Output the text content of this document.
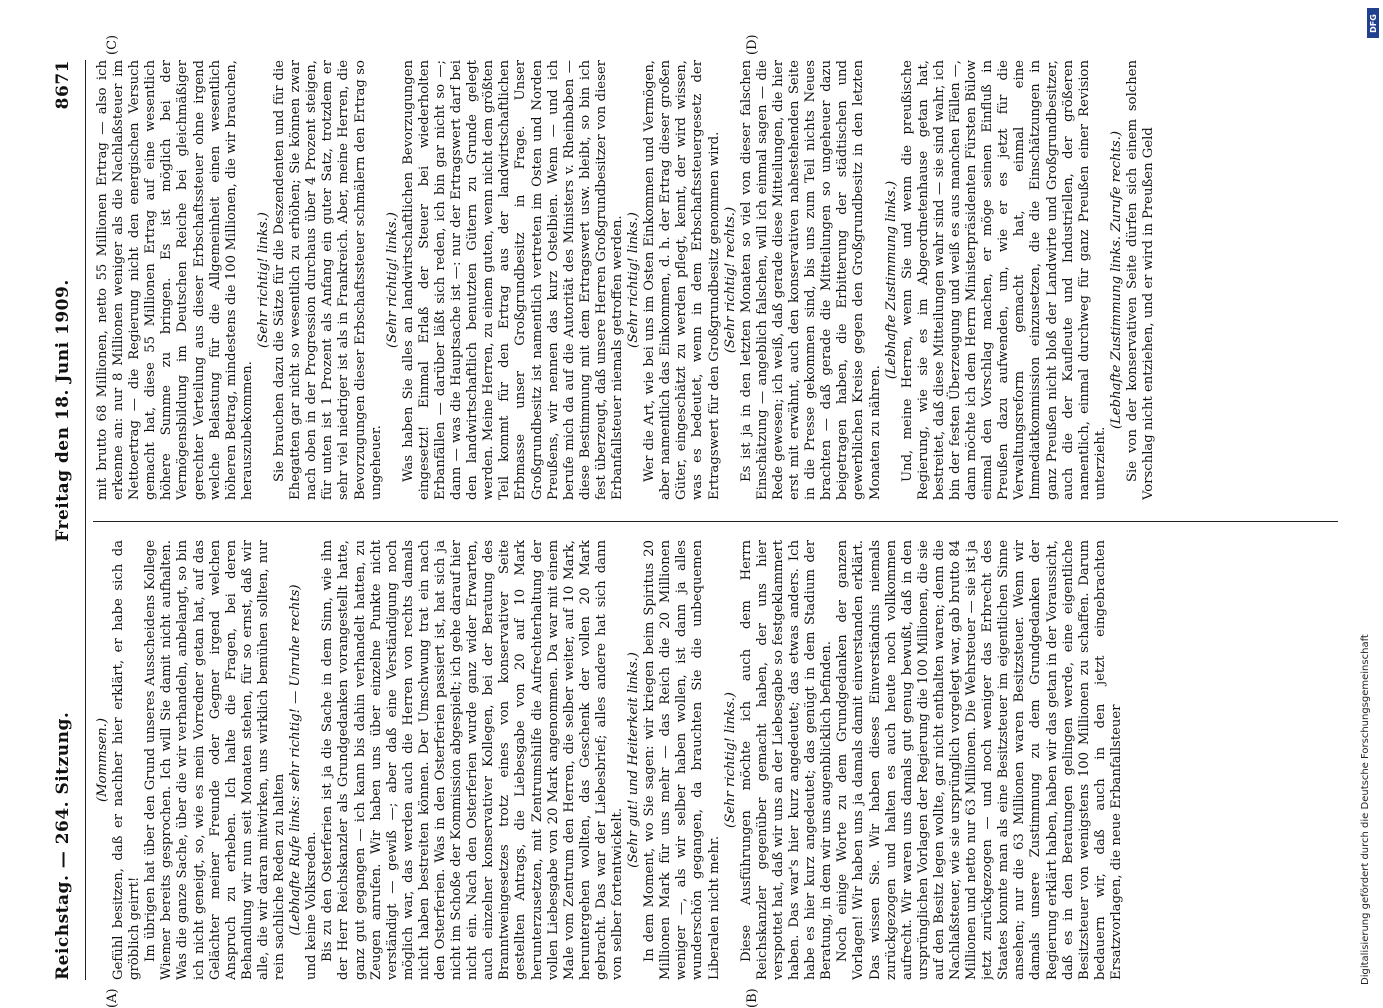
Reichstag. — 264. Sitzung.
Freitag den 18. Juni 1909.
8671
(A)	(B)
(C)	(D)

(Mommsen.) Gefühl besitzen, daß er nachher hier erklärt, er habe sich da gröblich geirrt! Im übrigen hat über den Grund unseres Ausscheidens Kollege Wiemer bereits gesprochen. Ich will Sie damit nicht aufhalten. Was die ganze Sache, über die wir verhandeln, anbelangt, so bin ich nicht geneigt, so, wie es mein Vorredner getan hat, auf das Gelächter meiner Freunde oder Gegner irgend welchen Anspruch zu erheben. Ich halte die Fragen, bei deren Behandlung wir nun seit Monaten stehen, für so ernst, daß wir alle, die wir daran mitwirken, uns wirklich bemühen sollten, nur rein sachliche Reden zu halten (Lebhafte Rufe links: sehr richtig! — Unruhe rechts) und keine Volksreden. Bis zu den Osterferien ist ja die Sache in dem Sinn, wie ihn der Herr Reichskanzler als Grundgedanken vorangestellt hatte, ganz gut gegangen — ich kann bis dahin verhandelt hatten, zu Zeugen anrufen. Wir haben uns über einzelne Punkte nicht verständigt — gewiß —; aber daß eine Verständigung noch möglich war, das werden auch die Herren von rechts damals nicht haben bestreiten können. Der Umschwung trat ein nach den Osterferien. Was in den Osterferien passiert ist, hat sich ja nicht im Schoße der Kommission abgespielt; ich gehe darauf hier nicht ein. Nach den Osterferien wurde ganz wider Erwarten, auch einzelner konservativer Kollegen, bei der Beratung des Branntweingesetzes trotz eines von konservativer Seite gestellten Antrags, die Liebesgabe von 20 auf 10 Mark herunterzusetzen, mit Zentrumshilfe die Aufrechterhaltung der vollen Liebesgabe von 20 Mark angenommen. Da war mit einem Male vom Zentrum den Herren, die selber weiter, auf 10 Mark, heruntergehen wollten, das Geschenk der vollen 20 Mark gebracht. Das war der Liebesbrief; alles andere hat sich dann von selber fortentwickelt.

(Sehr gut! und Heiterkeit links.) In dem Moment, wo Sie sagen: wir kriegen beim Spiritus 20 Millionen Mark für uns mehr — das Reich die 20 Millionen weniger —, als wir selber haben wollen, ist dann ja alles wunderschön gegangen, da brauchten Sie die unbequemen Liberalen nicht mehr.

(Sehr richtig! links.) Diese Ausführungen möchte ich auch dem Herrn Reichskanzler gegenüber gemacht haben, der uns hier verspottet hat, daß wir uns an der Liebesgabe so festgeklammert haben. Das war's hier kurz angedeutet; das etwas anders. Ich habe es hier kurz angedeutet; das genügt in dem Stadium der Beratung, in dem wir uns augenblicklich befinden. Noch einige Worte zu dem Grundgedanken der ganzen Vorlagen! Wir haben uns ja damals damit einverstanden erklärt. Das wissen Sie. Wir haben dieses Einverständnis niemals zurückgezogen und halten es auch heute noch vollkommen aufrecht. Wir waren uns damals gut genug bewußt, daß in den ursprünglichen Vorlagen der Regierung die 100 Millionen, die sie auf den Besitz legen wollte, gar nicht enthalten waren; denn die Nachlaßsteuer, wie sie ursprünglich vorgelegt war, gab brutto 84 Millionen und netto nur 63 Millionen. Die Wehrsteuer — sie ist ja jetzt zurückgezogen — und noch weniger das Erbrecht des Staates konnte man als eine Besitzsteuer im eigentlichen Sinne ansehen; nur die 63 Millionen waren Besitzsteuer. Wenn wir damals unsere Zustimmung zu dem Grundgedanken der Regierung erklärt haben, haben wir das getan in der Voraussicht, daß es in den Beratungen gelingen werde, eine eigentliche Besitzsteuer von wenigstens 100 Millionen zu schaffen. Darum bedauern wir, daß auch in den jetzt eingebrachten Ersatzvorlagen, die neue Erbanfallsteuer

mit brutto 68 Millionen, netto 55 Millionen Ertrag — also ich erkenne an: nur 8 Millionen weniger als die Nachlaßsteuer im Nettoertrag — die Regierung nicht den energischen Versuch gemacht hat, diese 55 Millionen Ertrag auf eine wesentlich höhere Summe zu bringen. Es ist möglich bei der Vermögensbildung im Deutschen Reiche bei gleichmäßiger gerechter Verteilung aus dieser Erbschaftssteuer ohne irgend welche Belastung für die Allgemeinheit einen wesentlich höheren Betrag, mindestens die 100 Millionen, die wir brauchen, herauszubekommen.

(Sehr richtig! links.) Sie brauchen dazu die Sätze für die Deszendenten und für die Ehegatten gar nicht so wesentlich zu erhöhen; Sie können zwar nach oben in der Progression durchaus über 4 Prozent steigen, für unten ist 1 Prozent als Anfang ein guter Satz, trotzdem er sehr viel niedriger ist als in Frankreich. Aber, meine Herren, die Bevorzugungen dieser Erbschaftssteuer schmälern den Ertrag so ungeheuer.

(Sehr richtig! links.) Was haben Sie alles an landwirtschaftlichen Bevorzugungen eingesetzt! Einmal Erlaß der Steuer bei wiederholten Erbanfällen — darüber läßt sich reden, ich bin gar nicht so —; dann — was die Hauptsache ist —: nur der Ertragswert darf bei den landwirtschaftlich benutzten Gütern zu Grunde gelegt werden. Meine Herren, zu einem guten, wenn nicht dem größten Teil kommt für den Ertrag aus der landwirtschaftlichen Erbmasse unser Großgrundbesitz in Frage. Unser Großgrundbesitz ist namentlich vertreten im Osten und Norden Preußens, wir nennen das kurz Ostelbien. Wenn — und ich berufe mich da auf die Autorität des Ministers v. Rheinbaben — diese Bestimmung mit dem Ertragswert usw. bleibt, so bin ich fest überzeugt, daß unsere Herren Großgrundbesitzer von dieser Erbanfallsteuer niemals getroffen werden. (Sehr richtig! links.) Wer die Art, wie bei uns im Osten Einkommen und Vermögen, aber namentlich das Einkommen, d. h. der Ertrag dieser großen Güter, eingeschätzt zu werden pflegt, kennt, der wird wissen, was es bedeutet, wenn in dem Erbschaftssteuergesetz der Ertragswert für den Großgrundbesitz genommen wird. (Sehr richtig! rechts.) Es ist ja in den letzten Monaten so viel von dieser falschen Einschätzung — angeblich falschen, will ich einmal sagen — die Rede gewesen; ich weiß, daß gerade diese Mitteilungen, die hier erst mit erwähnt, auch den konservativen nahestehenden Seite in die Presse gekommen sind, bis uns zum Teil nichts Neues brachten — daß gerade die Mitteilungen so ungeheuer dazu beigetragen haben, die Erbitterung der städtischen und gewerblichen Kreise gegen den Großgrundbesitz in den letzten Monaten zu nähren.

(Lebhafte Zustimmung links.) Und, meine Herren, wenn Sie und wenn die preußische Regierung, wie sie es im Abgeordnetenhause getan hat, bestreitet, daß diese Mitteilungen wahr sind — sie sind wahr, ich bin der festen Überzeugung und weiß es aus manchen Fällen —, dann möchte ich dem Herrn Ministerpräsidenten Fürsten Bülow einmal den Vorschlag machen, er möge seinen Einfluß in Preußen dazu aufwenden, um, wie er es jetzt für die Verwaltungsreform gemacht hat, einmal eine Immediatkommission einzusetzen, die die Einschätzungen in ganz Preußen nicht bloß der Landwirte und Großgrundbesitzer, auch die der Kaufleute und Industriellen, der größeren namentlich, einmal durchweg für ganz Preußen einer Revision unterzieht.

(Lebhafte Zustimmung links. Zurufe rechts.) Sie von der konservativen Seite dürfen sich einem solchen Vorschlag nicht entziehen, und er wird in Preußen Geld

Digitalisierung gefördert durch die Deutsche Forschungsgemeinschaft
DFG
